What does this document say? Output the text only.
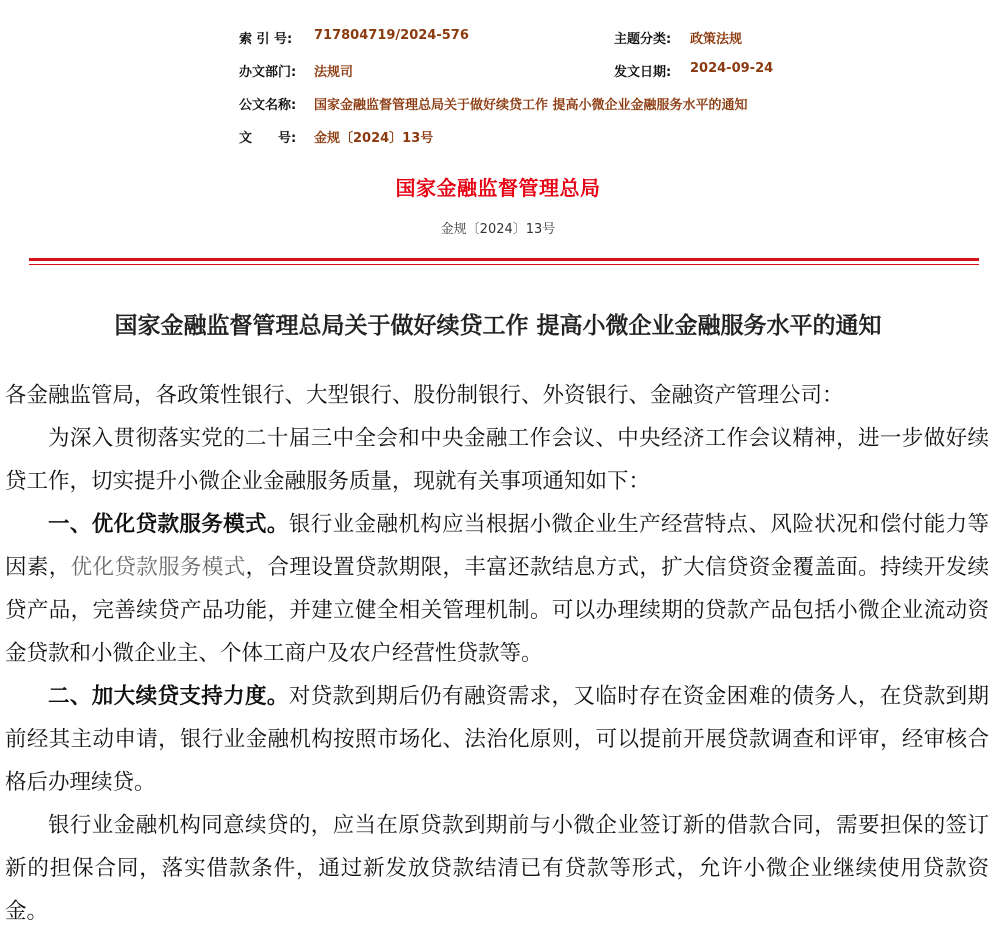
索 引 号: 717804719/2024-576	主题分类: 政策法规
办文部门: 法规司	发文日期: 2024-09-24
公文名称: 国家金融监督管理总局关于做好续贷工作 提高小微企业金融服务水平的通知
文　　号: 金规〔2024〕13号
国家金融监督管理总局
金规〔2024〕13号
国家金融监督管理总局关于做好续贷工作 提高小微企业金融服务水平的通知

各金融监管局，各政策性银行、大型银行、股份制银行、外资银行、金融资产管理公司：

为深入贯彻落实党的二十届三中全会和中央金融工作会议、中央经济工作会议精神，进一步做好续贷工作，切实提升小微企业金融服务质量，现就有关事项通知如下：

一、优化贷款服务模式。银行业金融机构应当根据小微企业生产经营特点、风险状况和偿付能力等因素，优化贷款服务模式，合理设置贷款期限，丰富还款结息方式，扩大信贷资金覆盖面。持续开发续贷产品，完善续贷产品功能，并建立健全相关管理机制。可以办理续期的贷款产品包括小微企业流动资金贷款和小微企业主、个体工商户及农户经营性贷款等。

二、加大续贷支持力度。对贷款到期后仍有融资需求，又临时存在资金困难的债务人，在贷款到期前经其主动申请，银行业金融机构按照市场化、法治化原则，可以提前开展贷款调查和评审，经审核合格后办理续贷。

银行业金融机构同意续贷的，应当在原贷款到期前与小微企业签订新的借款合同，需要担保的签订新的担保合同，落实借款条件，通过新发放贷款结清已有贷款等形式，允许小微企业继续使用贷款资金。
